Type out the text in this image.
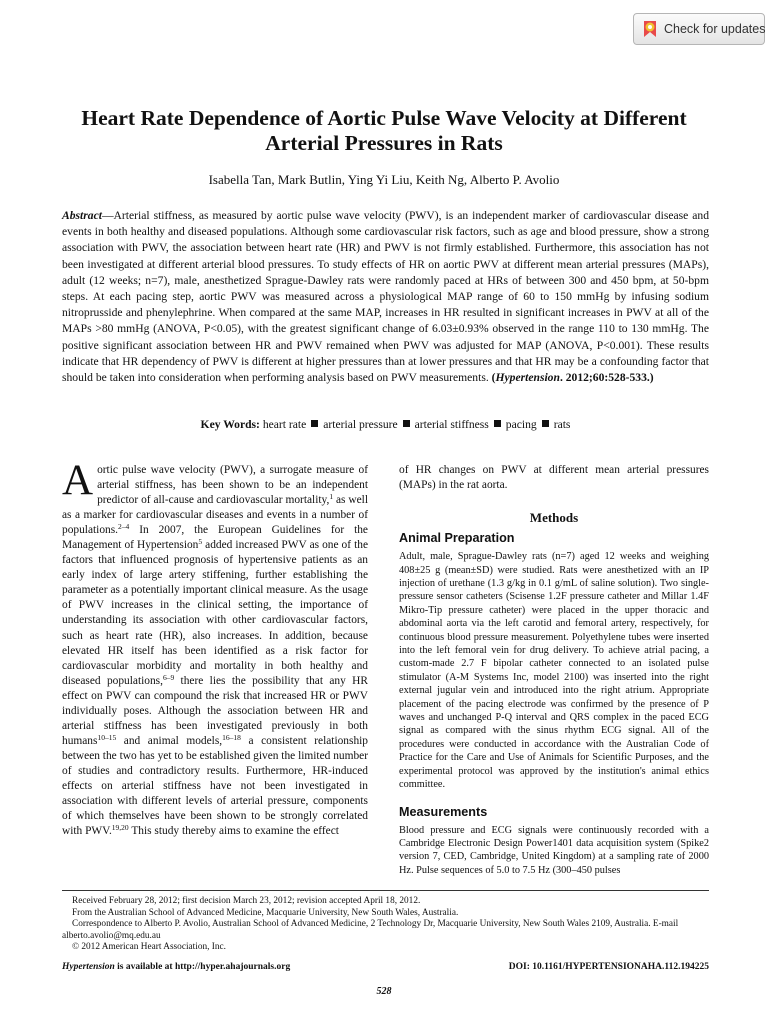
Check for updates
Heart Rate Dependence of Aortic Pulse Wave Velocity at Different Arterial Pressures in Rats
Isabella Tan, Mark Butlin, Ying Yi Liu, Keith Ng, Alberto P. Avolio
Abstract—Arterial stiffness, as measured by aortic pulse wave velocity (PWV), is an independent marker of cardiovascular disease and events in both healthy and diseased populations. Although some cardiovascular risk factors, such as age and blood pressure, show a strong association with PWV, the association between heart rate (HR) and PWV is not firmly established. Furthermore, this association has not been investigated at different arterial blood pressures. To study effects of HR on aortic PWV at different mean arterial pressures (MAPs), adult (12 weeks; n=7), male, anesthetized Sprague-Dawley rats were randomly paced at HRs of between 300 and 450 bpm, at 50-bpm steps. At each pacing step, aortic PWV was measured across a physiological MAP range of 60 to 150 mmHg by infusing sodium nitroprusside and phenylephrine. When compared at the same MAP, increases in HR resulted in significant increases in PWV at all of the MAPs >80 mmHg (ANOVA, P<0.05), with the greatest significant change of 6.03±0.93% observed in the range 110 to 130 mmHg. The positive significant association between HR and PWV remained when PWV was adjusted for MAP (ANOVA, P<0.001). These results indicate that HR dependency of PWV is different at higher pressures than at lower pressures and that HR may be a confounding factor that should be taken into consideration when performing analysis based on PWV measurements. (Hypertension. 2012;60:528-533.)
Key Words: heart rate arterial pressure arterial stiffness pacing rats
Aortic pulse wave velocity (PWV), a surrogate measure of arterial stiffness, has been shown to be an independent predictor of all-cause and cardiovascular mortality,$^1$ as well as a marker for cardiovascular diseases and events in a number of populations.$^{2-4}$ In 2007, the European Guidelines for the Management of Hypertension$^5$ added increased PWV as one of the factors that influenced prognosis of hypertensive patients as an early index of large artery stiffening, further establishing the parameter as a potentially important clinical measure. As the usage of PWV increases in the clinical setting, the importance of understanding its association with other cardiovascular factors, such as heart rate (HR), also increases. In addition, because elevated HR itself has been identified as a risk factor for cardiovascular morbidity and mortality in both healthy and diseased populations,$^{6-9}$ there lies the possibility that any HR effect on PWV can compound the risk that increased HR or PWV individually poses. Although the association between HR and arterial stiffness has been investigated previously in both humans$^{10-15}$ and animal models,$^{16-18}$ a consistent relationship between the two has yet to be established given the limited number of studies and contradictory results. Furthermore, HR-induced effects on arterial stiffness have not been investigated in association with different levels of arterial pressure, components of which themselves have been shown to be strongly correlated with PWV.$^{19,20}$ This study thereby aims to examine the effect

of HR changes on PWV at different mean arterial pressures (MAPs) in the rat aorta.

Methods
Animal Preparation

Adult, male, Sprague-Dawley rats (n=7) aged 12 weeks and weighing 408±25 g (mean±SD) were studied. Rats were anesthetized with an IP injection of urethane (1.3 g/kg in 0.1 g/mL of saline solution). Two single-pressure sensor catheters (Scisense 1.2F pressure catheter and Millar 1.4F Mikro-Tip pressure catheter) were placed in the upper thoracic and abdominal aorta via the left carotid and femoral artery, respectively, for continuous blood pressure measurement. Polyethylene tubes were inserted into the left femoral vein for drug delivery. To achieve atrial pacing, a custom-made 2.7 F bipolar catheter connected to an isolated pulse stimulator (A-M Systems Inc, model 2100) was inserted into the right external jugular vein and introduced into the right atrium. Appropriate placement of the pacing electrode was confirmed by the presence of P waves and unchanged P-Q interval and QRS complex in the paced ECG signal as compared with the sinus rhythm ECG signal. All of the procedures were conducted in accordance with the Australian Code of Practice for the Care and Use of Animals for Scientific Purposes, and the experimental protocol was approved by the institution's animal ethics committee.

Measurements

Blood pressure and ECG signals were continuously recorded with a Cambridge Electronic Design Power1401 data acquisition system (Spike2 version 7, CED, Cambridge, United Kingdom) at a sampling rate of 2000 Hz. Pulse sequences of 5.0 to 7.5 Hz (300–450 pulses

Received February 28, 2012; first decision March 23, 2012; revision accepted April 18, 2012.
From the Australian School of Advanced Medicine, Macquarie University, New South Wales, Australia.
Correspondence to Alberto P. Avolio, Australian School of Advanced Medicine, 2 Technology Dr, Macquarie University, New South Wales 2109, Australia. E-mail alberto.avolio@mq.edu.au
© 2012 American Heart Association, Inc.
Hypertension is available at http://hyper.ahajournals.org	DOI: 10.1161/HYPERTENSIONAHA.112.194225
528
